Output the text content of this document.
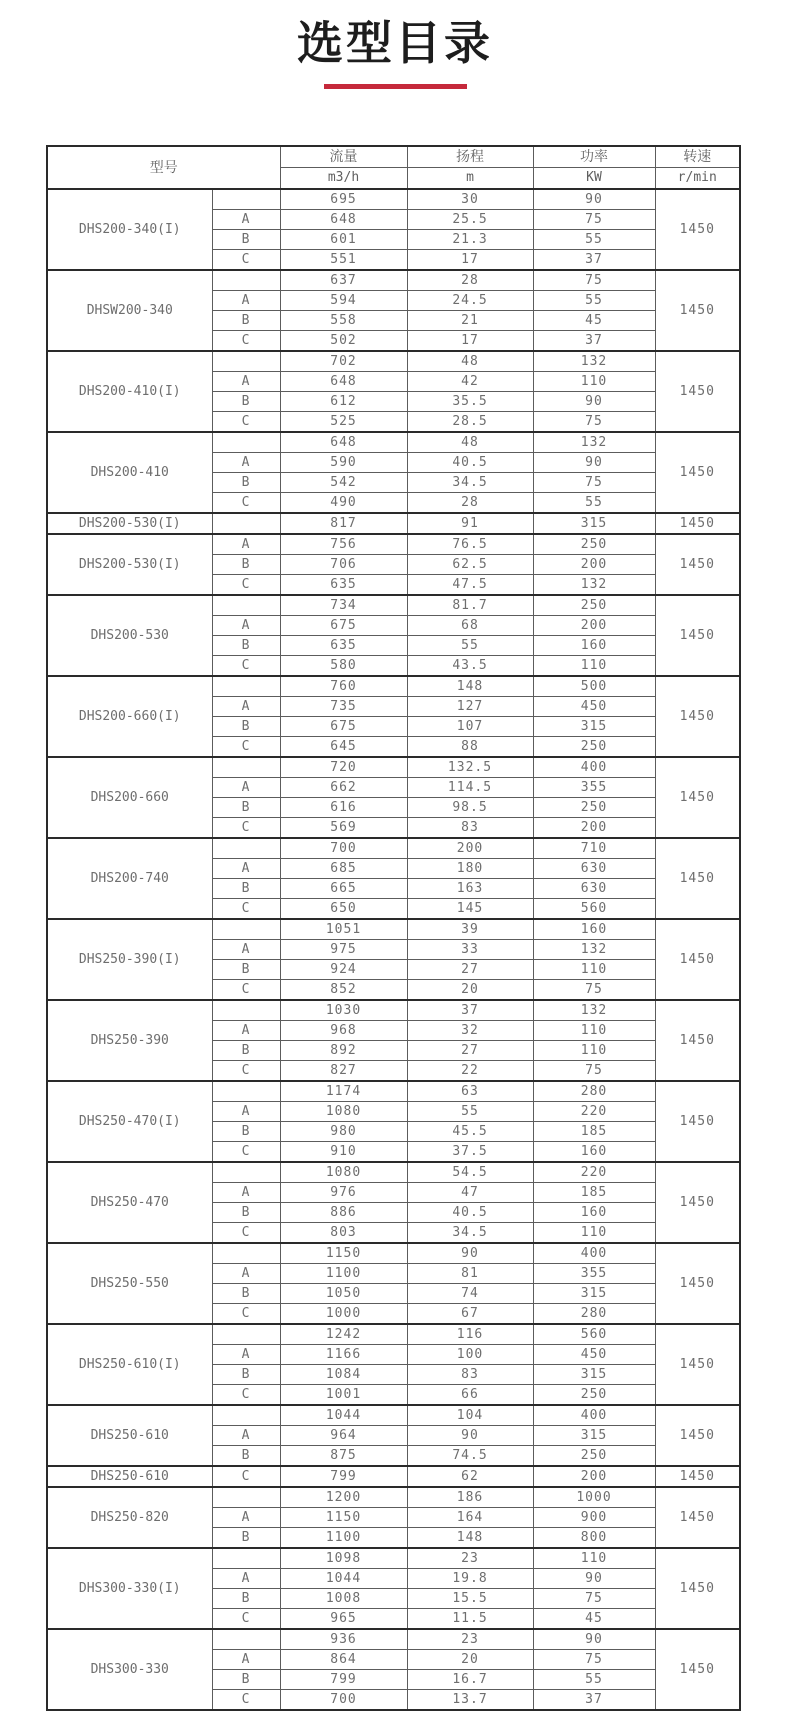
选型目录
型号		流量	扬程	功率	转速
		m3/h	m	KW	r/min
DHS200-340(I)		695	30	90	1450
	A	648	25.5	75	
	B	601	21.3	55	
	C	551	17	37	
DHSW200-340		637	28	75	1450
	A	594	24.5	55	
	B	558	21	45	
	C	502	17	37	
DHS200-410(I)		702	48	132	1450
	A	648	42	110	
	B	612	35.5	90	
	C	525	28.5	75	
DHS200-410		648	48	132	1450
	A	590	40.5	90	
	B	542	34.5	75	
	C	490	28	55	
DHS200-530(I)		817	91	315	1450
DHS200-530(I)	A	756	76.5	250	1450
	B	706	62.5	200	
	C	635	47.5	132	
DHS200-530		734	81.7	250	1450
	A	675	68	200	
	B	635	55	160	
	C	580	43.5	110	
DHS200-660(I)		760	148	500	1450
	A	735	127	450	
	B	675	107	315	
	C	645	88	250	
DHS200-660		720	132.5	400	1450
	A	662	114.5	355	
	B	616	98.5	250	
	C	569	83	200	
DHS200-740		700	200	710	1450
	A	685	180	630	
	B	665	163	630	
	C	650	145	560	
DHS250-390(I)		1051	39	160	1450
	A	975	33	132	
	B	924	27	110	
	C	852	20	75	
DHS250-390		1030	37	132	1450
	A	968	32	110	
	B	892	27	110	
	C	827	22	75	
DHS250-470(I)		1174	63	280	1450
	A	1080	55	220	
	B	980	45.5	185	
	C	910	37.5	160	
DHS250-470		1080	54.5	220	1450
	A	976	47	185	
	B	886	40.5	160	
	C	803	34.5	110	
DHS250-550		1150	90	400	1450
	A	1100	81	355	
	B	1050	74	315	
	C	1000	67	280	
DHS250-610(I)		1242	116	560	1450
	A	1166	100	450	
	B	1084	83	315	
	C	1001	66	250	
DHS250-610		1044	104	400	1450
	A	964	90	315	
	B	875	74.5	250	
DHS250-610	C	799	62	200	1450
DHS250-820		1200	186	1000	1450
	A	1150	164	900	
	B	1100	148	800	
DHS300-330(I)		1098	23	110	1450
	A	1044	19.8	90	
	B	1008	15.5	75	
	C	965	11.5	45	
DHS300-330		936	23	90	1450
	A	864	20	75	
	B	799	16.7	55	
	C	700	13.7	37	
